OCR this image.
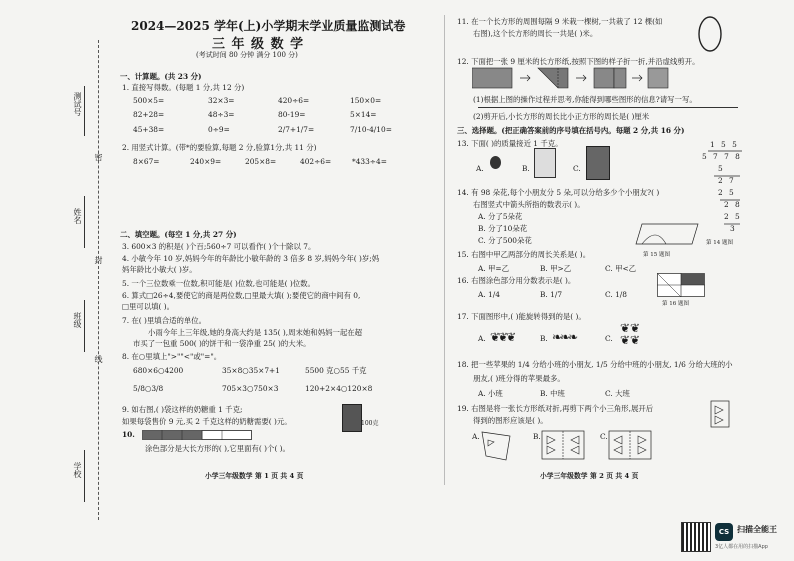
测试号
姓名
班级
学校
密
封
线
2024—2025 学年(上)小学期末学业质量监测试卷
三 年 级 数 学
(考试时间 80 分钟 满分 100 分)
一、计算题。(共 23 分)
1. 直接写得数。(每题 1 分,共 12 分)
500×5=	32×3=	420÷6=	150×0=
82+28=	48÷3=	80-19=	5×14=
45+38=	0÷9=	2/7+1/7=	7/10-4/10=
2. 用竖式计算。(带*的要验算,每题 2 分,验算1分,共 11 分)
8×67=	240×9=	205×8=	402÷6=	*433÷4=
二、填空题。(每空 1 分,共 27 分)
3. 600×3 的积是( )个百;560÷7 可以看作( )个十除以 7。
4. 小敏今年 10 岁,妈妈今年的年龄比小敏年龄的 3 倍多 8 岁,妈妈今年( )岁;妈
妈年龄比小敏大( )岁。
5. 一个三位数乘一位数,积可能是( )位数,也可能是( )位数。
6. 算式□26÷4,要使它的商是两位数,□里最大填( );要使它的商中间有 0,
□里可以填( )。
7. 在( )里填合适的单位。
小雨今年上三年级,她的身高大约是 135( ),周末她和妈妈一起在超
市买了一包重 500( )的饼干和一袋净重 25( )的大米。
8. 在○里填上">""<"或"="。
680×6○4200	35×8○35×7+1	5500 克○55 千克
5/8○3/8	705×3○750×3	120+2×4○120×8
9. 如右图,( )袋这样的奶糖重 1 千克;
如果每袋售价 9 元,买 2 千克这样的奶糖需要( )元。	100克
10.
涂色部分是大长方形的( ),它里面有( )个( )。
小学三年级数学 第 1 页 共 4 页
11. 在一个长方形的周围每隔 9 米栽一棵树,一共栽了 12 棵(如
右图),这个长方形的周长一共是( )米。
12. 下面把一张 9 厘米的长方形纸,按照下图的样子折一折,并沿虚线剪开。
(1)根据上图的操作过程并思考,你能得到哪些图形的信息?请写一写。
(2)剪开后,小长方形的周长比小正方形的周长是( )厘米
三、选择题。(把正确答案前的序号填在括号内。每题 2 分,共 16 分)
13. 下面( )的质量接近 1 千克。
A.	B.	C.
14. 有 98 朵花,每个小朋友分 5 朵,可以分给多少个小朋友?( )
右图竖式中箭头所指的数表示( )。
A. 分了5朵花
B. 分了10朵花
C. 分了500朵花
1 5 5
5 7 7 8
5
2 7
2 5
2 8
2 5
3
第 14 题图
15. 右图中甲乙两部分的周长关系是( )。
A. 甲=乙	B. 甲>乙	C. 甲<乙
第 15 题图
16. 右图涂色部分用分数表示是( )。
A. 1/4	B. 1/7	C. 1/8
第 16 题图
17. 下面图形中,( )能旋转得到的是( )。
A. ❦❦❦	B. ❧❧❧	C.
❦❦
❦❦
18. 把一些苹果的 1/4 分给小班的小朋友, 1/5 分给中班的小朋友, 1/6 分给大班的小
朋友,( )班分得的苹果最多。
A. 小班	B. 中班	C. 大班
19. 右图是将一张长方形纸对折,再剪下两个小三角形,展开后
得到的图形应该是( )。
A.	B.	C.
小学三年级数学 第 2 页 共 4 页
CS 扫描全能王
3亿人都在用的扫描App
